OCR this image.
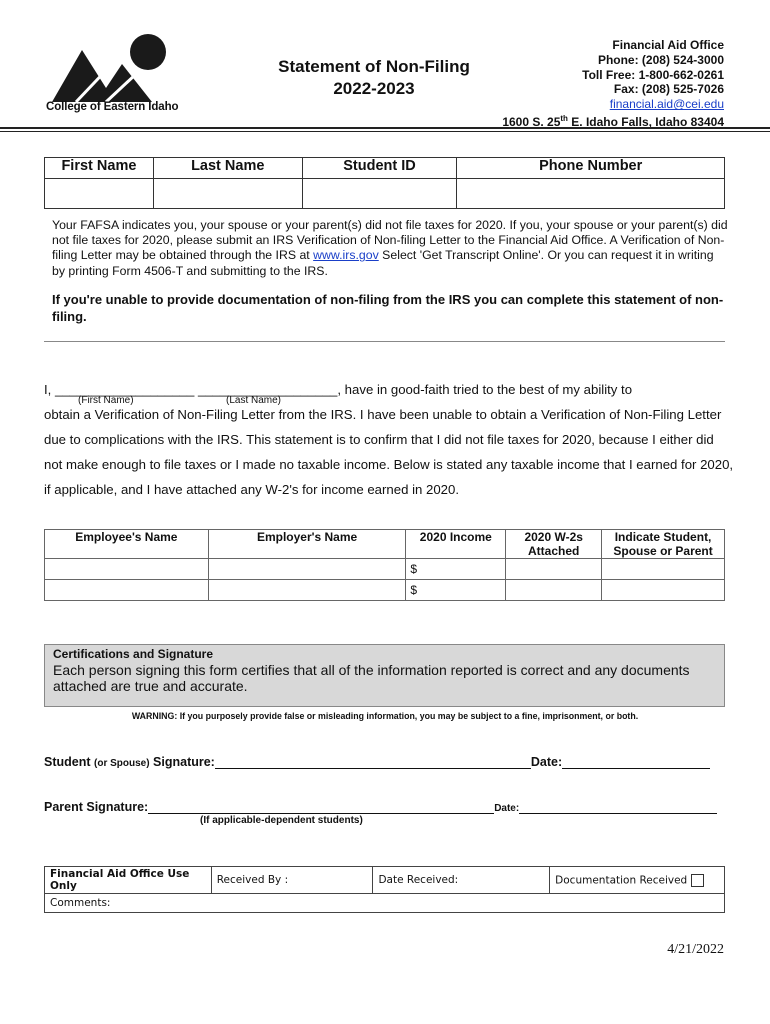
College of Eastern Idaho
Statement of Non-Filing
2022-2023
Financial Aid Office
Phone: (208) 524-3000
Toll Free: 1-800-662-0261
Fax: (208) 525-7026
financial.aid@cei.edu
1600 S. 25th E. Idaho Falls, Idaho 83404
First Name	Last Name	Student ID	Phone Number

Your FAFSA indicates you, your spouse or your parent(s) did not file taxes for 2020. If you, your spouse or your parent(s) did not file taxes for 2020, please submit an IRS Verification of Non-filing Letter to the Financial Aid Office. A Verification of Non-filing Letter may be obtained through the IRS at www.irs.gov Select 'Get Transcript Online'. Or you can request it in writing by printing Form 4506-T and submitting to the IRS.
If you're unable to provide documentation of non-filing from the IRS you can complete this statement of non-filing.
I, ___________________ ___________________, have in good-faith tried to the best of my ability to
obtain a Verification of Non-Filing Letter from the IRS. I have been unable to obtain a Verification of Non-Filing Letter due to complications with the IRS. This statement is to confirm that I did not file taxes for 2020, because I either did not make enough to file taxes or I made no taxable income. Below is stated any taxable income that I earned for 2020, if applicable, and I have attached any W-2's for income earned in 2020.
(First Name)	(Last Name)
Employee's Name	Employer's Name	2020 Income	2020 W-2s Attached	Indicate Student, Spouse or Parent
		$		
		$		
Certifications and Signature
Each person signing this form certifies that all of the information reported is correct and any documents attached are true and accurate.
WARNING: If you purposely provide false or misleading information, you may be subject to a fine, imprisonment, or both.
Student (or Spouse) Signature:	Date:
Parent Signature:	Date:
(If applicable-dependent students)
Financial Aid Office Use Only	Received By :	Date Received:	Documentation Received
Comments:
4/21/2022
